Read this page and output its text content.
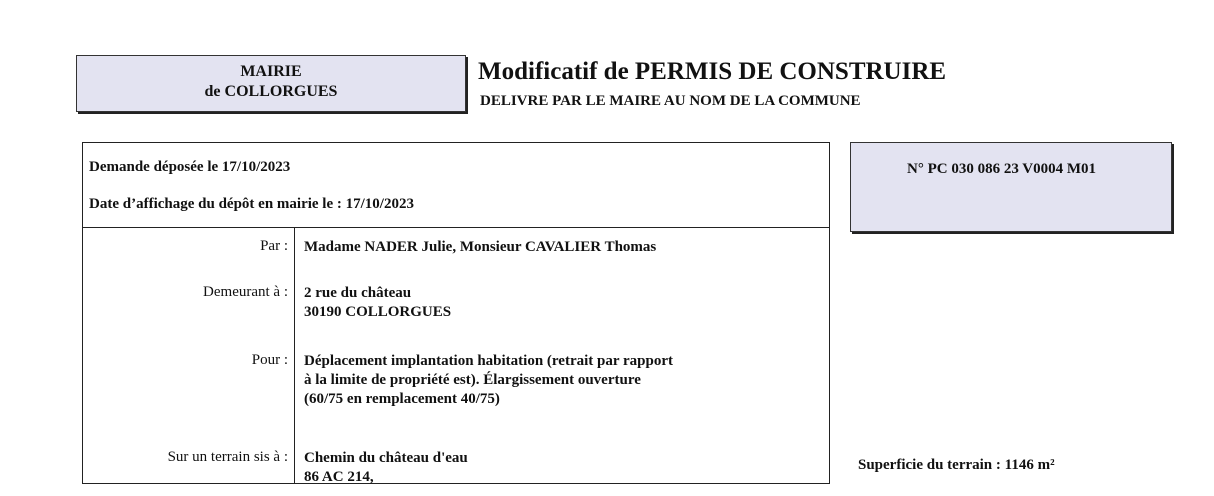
MAIRIE
de COLLORGUES
Modificatif de PERMIS DE CONSTRUIRE
DELIVRE PAR LE MAIRE AU NOM DE LA COMMUNE
Demande déposée le 17/10/2023
Date d’affichage du dépôt en mairie le : 17/10/2023
Par : Madame NADER Julie, Monsieur CAVALIER Thomas
Demeurant à : 2 rue du château
30190 COLLORGUES
Pour : Déplacement implantation habitation (retrait par rapport
à la limite de propriété est). Élargissement ouverture
(60/75 en remplacement 40/75)
Sur un terrain sis à : Chemin du château d'eau
86 AC 214,
N° PC 030 086 23 V0004 M01
Superficie du terrain : 1146 m²
